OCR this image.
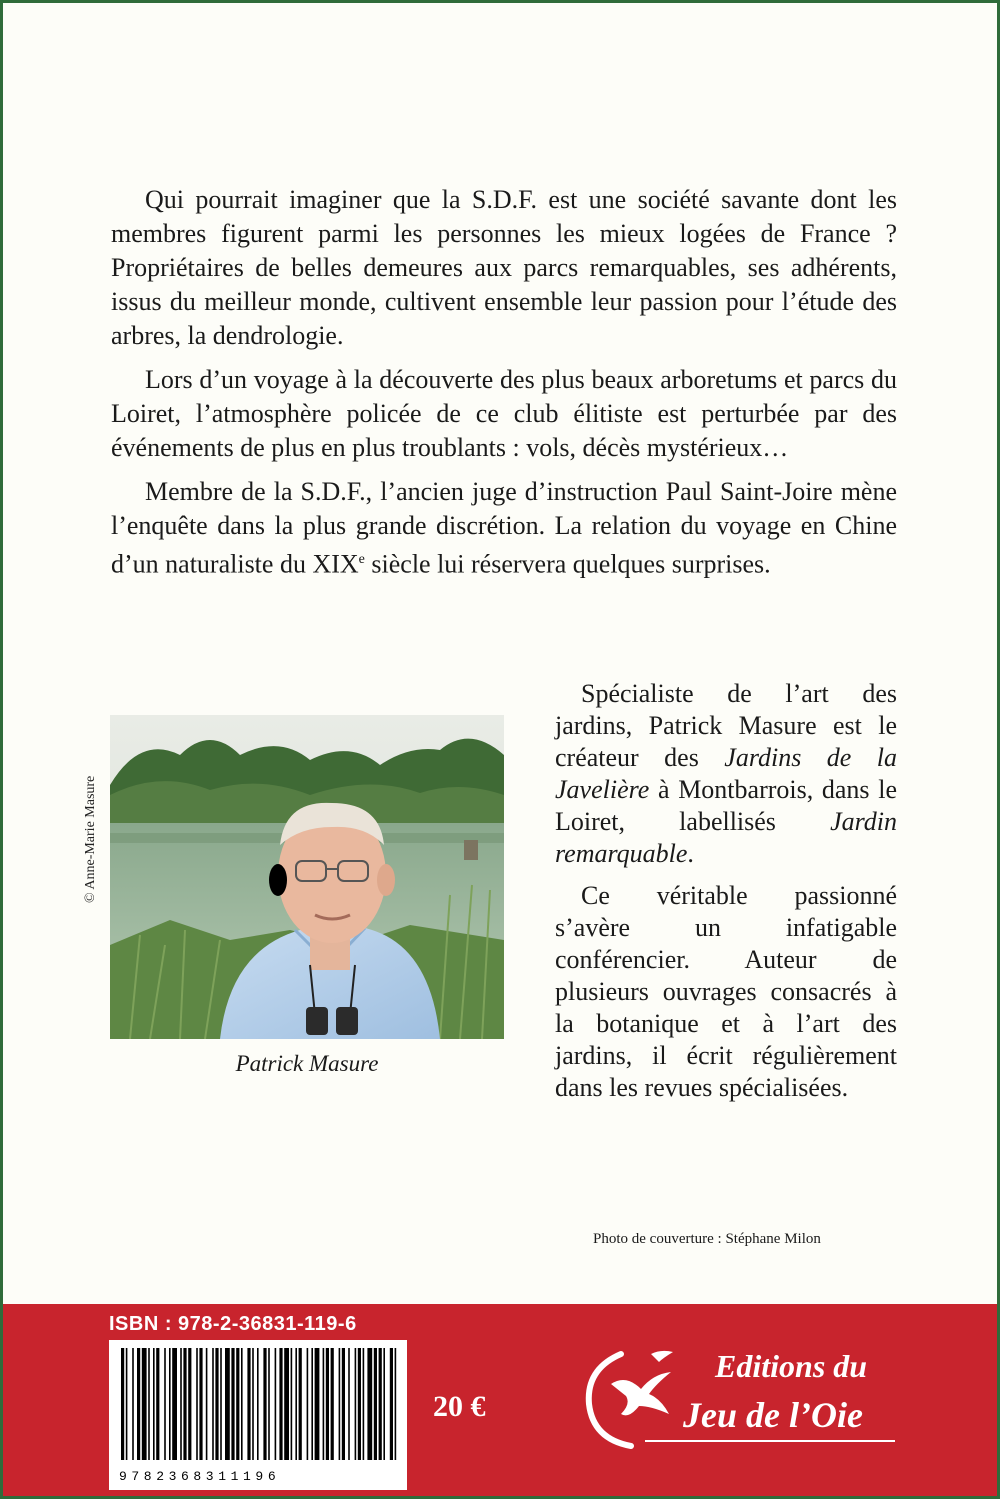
Qui pourrait imaginer que la S.D.F. est une société savante dont les membres figurent parmi les personnes les mieux logées de France ? Propriétaires de belles demeures aux parcs remarquables, ses adhérents, issus du meilleur monde, cultivent ensemble leur passion pour l’étude des arbres, la dendrologie.

Lors d’un voyage à la découverte des plus beaux arboretums et parcs du Loiret, l’atmosphère policée de ce club élitiste est perturbée par des événements de plus en plus troublants : vols, décès mystérieux…

Membre de la S.D.F., l’ancien juge d’instruction Paul Saint-Joire mène l’enquête dans la plus grande discrétion. La relation du voyage en Chine d’un naturaliste du XIXe siècle lui réservera quelques surprises.

© Anne-Marie Masure
Patrick Masure

Spécialiste de l’art des jardins, Patrick Masure est le créateur des Jardins de la Javelière à Montbarrois, dans le Loiret, labellisés Jardin remarquable.

Ce véritable passionné s’avère un infatigable conférencier. Auteur de plusieurs ouvrages consacrés à la botanique et à l’art des jardins, il écrit régulièrement dans les revues spécialisées.

Photo de couverture : Stéphane Milon
ISBN : 978-2-36831-119-6
9782368311196
20 €
Editions du
Jeu de l’Oie
